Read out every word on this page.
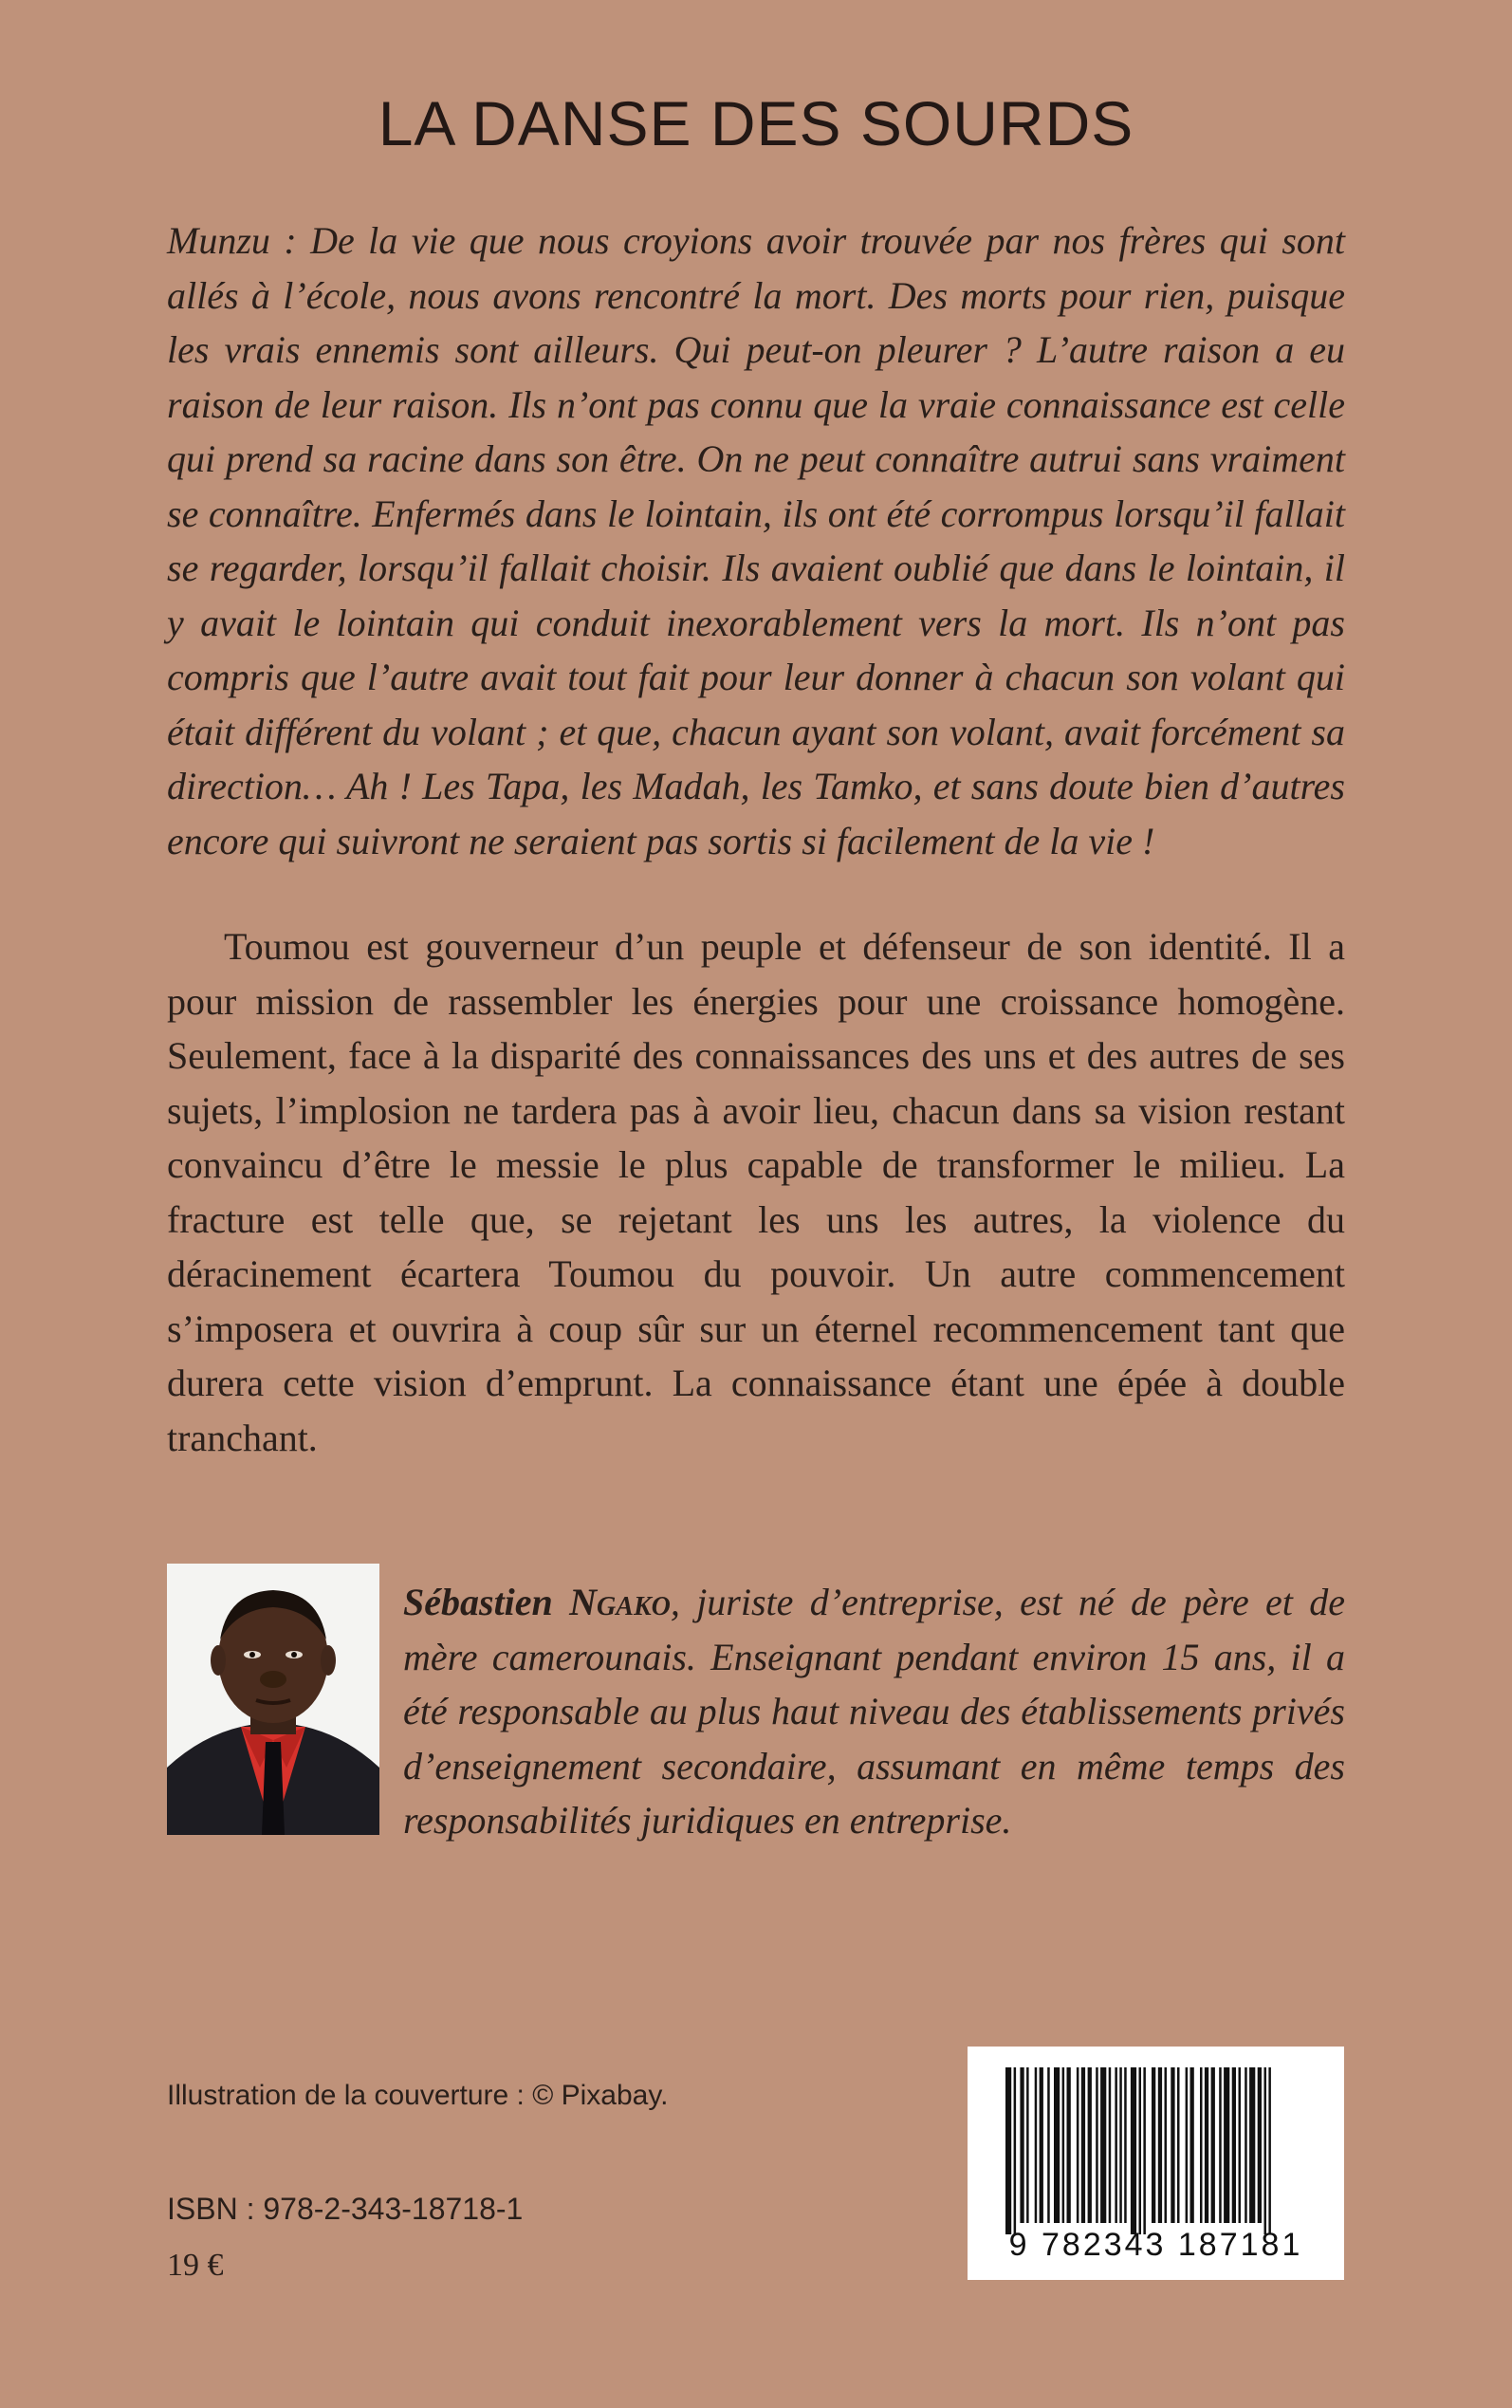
LA DANSE DES SOURDS

Munzu : De la vie que nous croyions avoir trouvée par nos frères qui sont allés à l’école, nous avons rencontré la mort. Des morts pour rien, puisque les vrais ennemis sont ailleurs. Qui peut-on pleurer ? L’autre raison a eu raison de leur raison. Ils n’ont pas connu que la vraie connaissance est celle qui prend sa racine dans son être. On ne peut connaître autrui sans vraiment se connaître. Enfermés dans le lointain, ils ont été corrompus lorsqu’il fallait se regarder, lorsqu’il fallait choisir. Ils avaient oublié que dans le lointain, il y avait le lointain qui conduit inexorablement vers la mort. Ils n’ont pas compris que l’autre avait tout fait pour leur donner à chacun son volant qui était différent du volant ; et que, chacun ayant son volant, avait forcément sa direction… Ah ! Les Tapa, les Madah, les Tamko, et sans doute bien d’autres encore qui suivront ne seraient pas sortis si facilement de la vie !

Toumou est gouverneur d’un peuple et défenseur de son identité. Il a pour mission de rassembler les énergies pour une croissance homogène. Seulement, face à la disparité des connaissances des uns et des autres de ses sujets, l’implosion ne tardera pas à avoir lieu, chacun dans sa vision restant convaincu d’être le messie le plus capable de transformer le milieu. La fracture est telle que, se rejetant les uns les autres, la violence du déracinement écartera Toumou du pouvoir. Un autre commencement s’imposera et ouvrira à coup sûr sur un éternel recommencement tant que durera cette vision d’emprunt. La connaissance étant une épée à double tranchant.

Sébastien Ngako, juriste d’entreprise, est né de père et de mère camerounais. Enseignant pendant environ 15 ans, il a été responsable au plus haut niveau des établissements privés d’enseignement secondaire, assumant en même temps des responsabilités juridiques en entreprise.

Illustration de la couverture : © Pixabay.

ISBN : 978-2-343-18718-1

19 €

9 782343 187181
